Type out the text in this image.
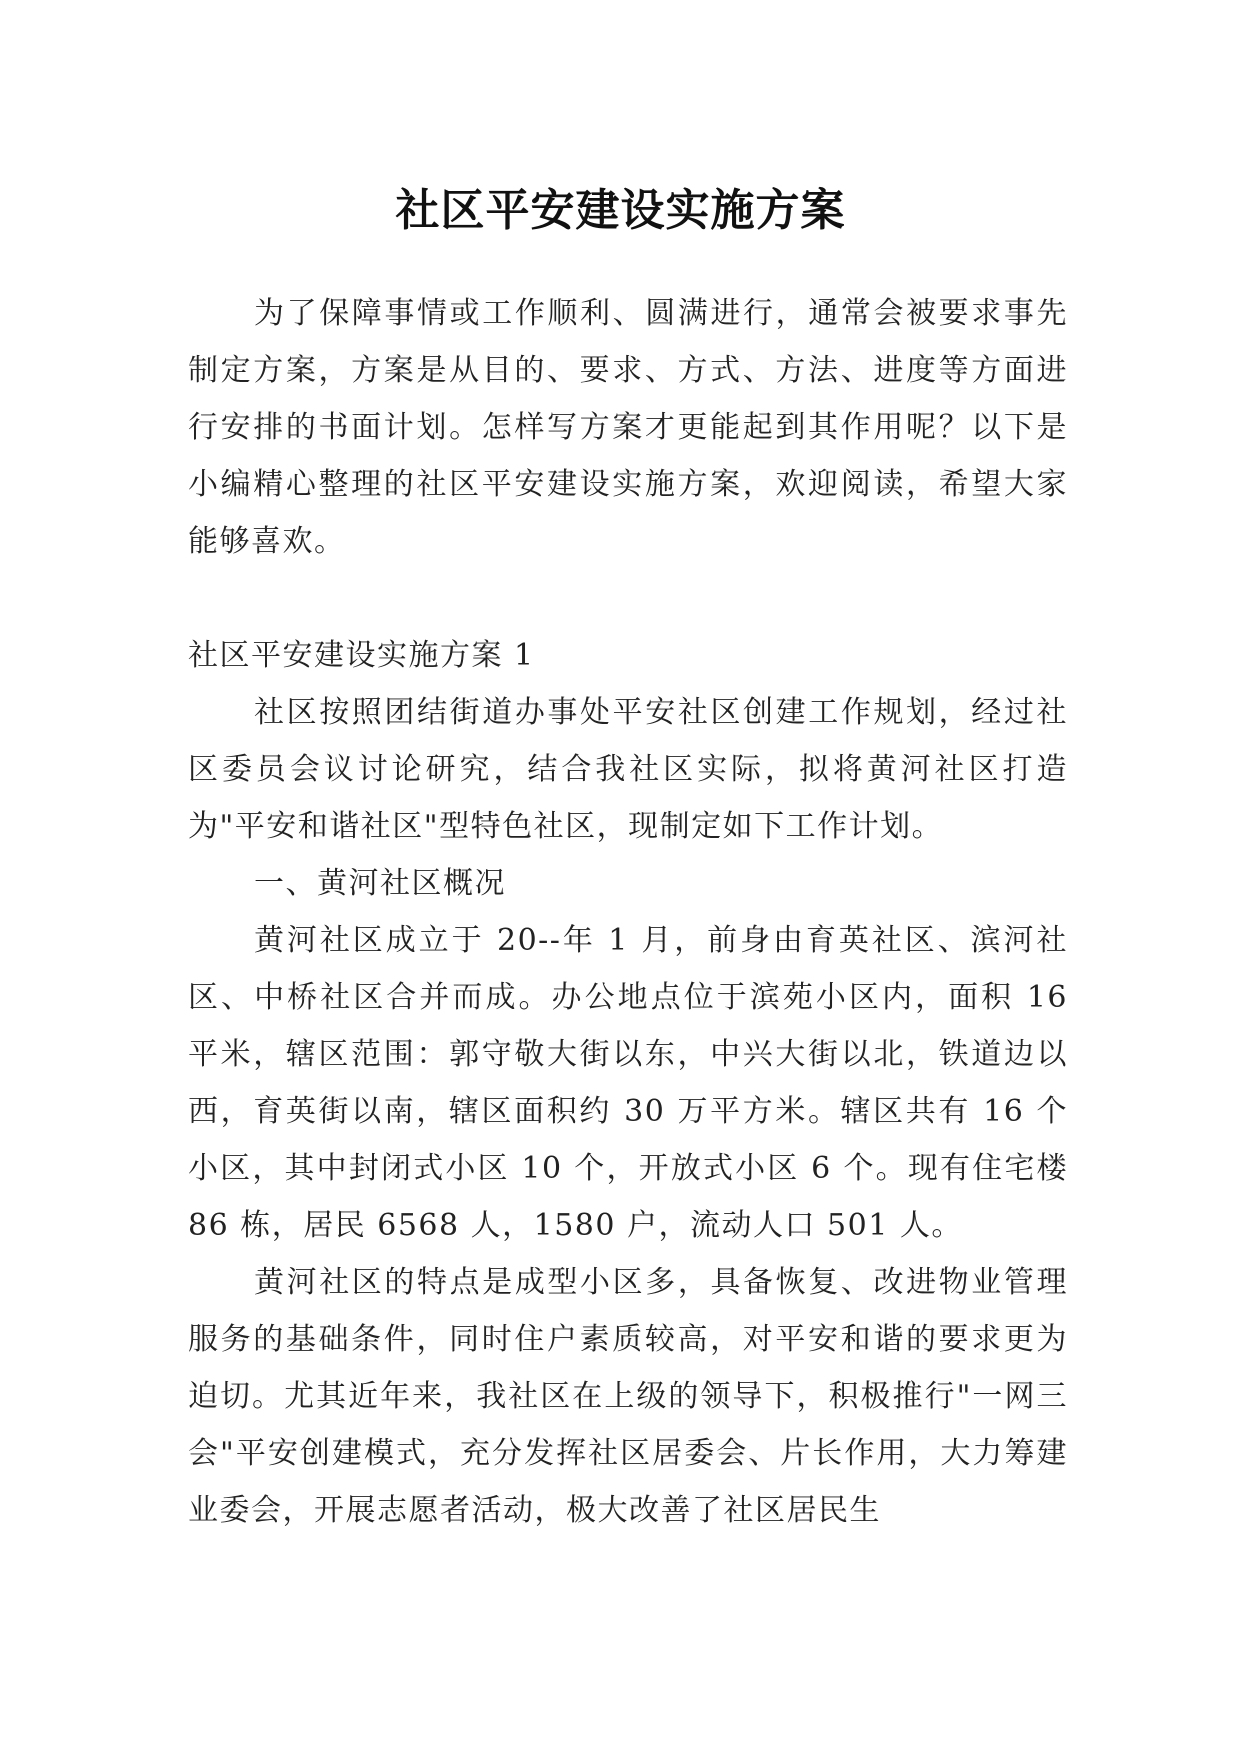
社区平安建设实施方案

为了保障事情或工作顺利、圆满进行，通常会被要求事先制定方案，方案是从目的、要求、方式、方法、进度等方面进行安排的书面计划。怎样写方案才更能起到其作用呢？以下是小编精心整理的社区平安建设实施方案，欢迎阅读，希望大家能够喜欢。

社区平安建设实施方案 1

社区按照团结街道办事处平安社区创建工作规划，经过社区委员会议讨论研究，结合我社区实际，拟将黄河社区打造为"平安和谐社区"型特色社区，现制定如下工作计划。

一、黄河社区概况

黄河社区成立于 20--年 1 月，前身由育英社区、滨河社区、中桥社区合并而成。办公地点位于滨苑小区内，面积 16 平米，辖区范围：郭守敬大街以东，中兴大街以北，铁道边以西，育英街以南，辖区面积约 30 万平方米。辖区共有 16 个小区，其中封闭式小区 10 个，开放式小区 6 个。现有住宅楼 86 栋，居民 6568 人，1580 户，流动人口 501 人。

黄河社区的特点是成型小区多，具备恢复、改进物业管理服务的基础条件，同时住户素质较高，对平安和谐的要求更为迫切。尤其近年来，我社区在上级的领导下，积极推行"一网三会"平安创建模式，充分发挥社区居委会、片长作用，大力筹建业委会，开展志愿者活动，极大改善了社区居民生
